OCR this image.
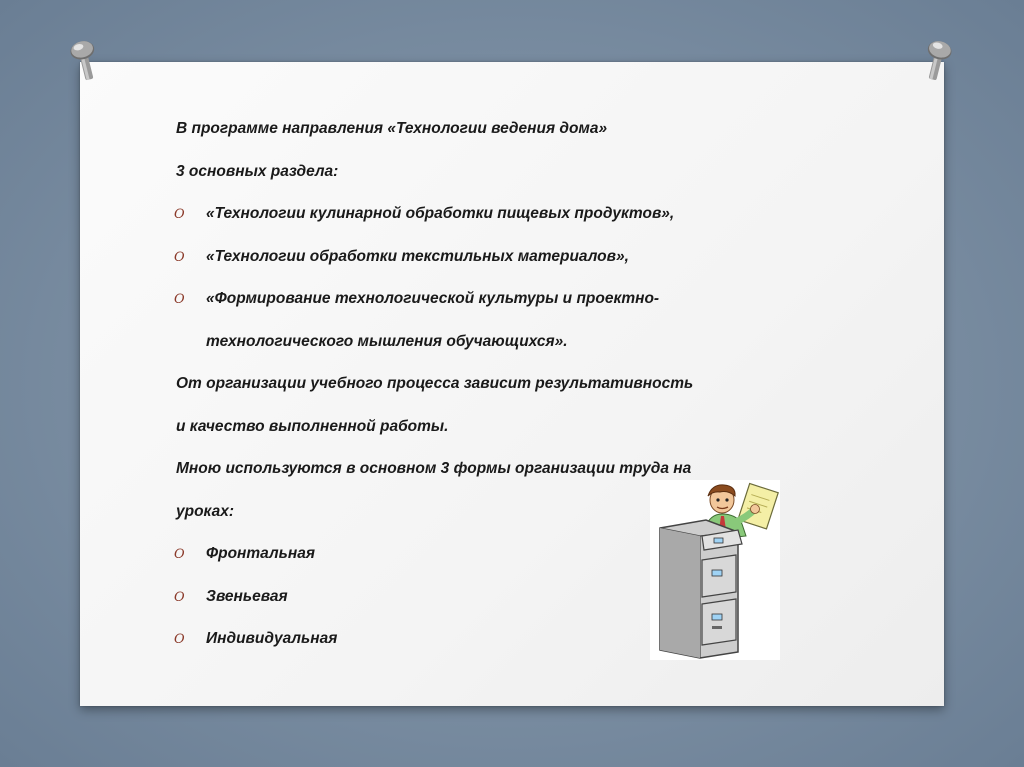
В программе направления «Технологии ведения дома»
3 основных раздела:
O «Технологии кулинарной обработки пищевых продуктов»,
O «Технологии обработки текстильных материалов»,
O «Формирование технологической культуры и проектно-
технологического мышления обучающихся».
От организации учебного процесса зависит результативность
и качество выполненной работы.
Мною используются в основном 3 формы организации труда на
уроках:
O Фронтальная
O Звеньевая
O Индивидуальная
